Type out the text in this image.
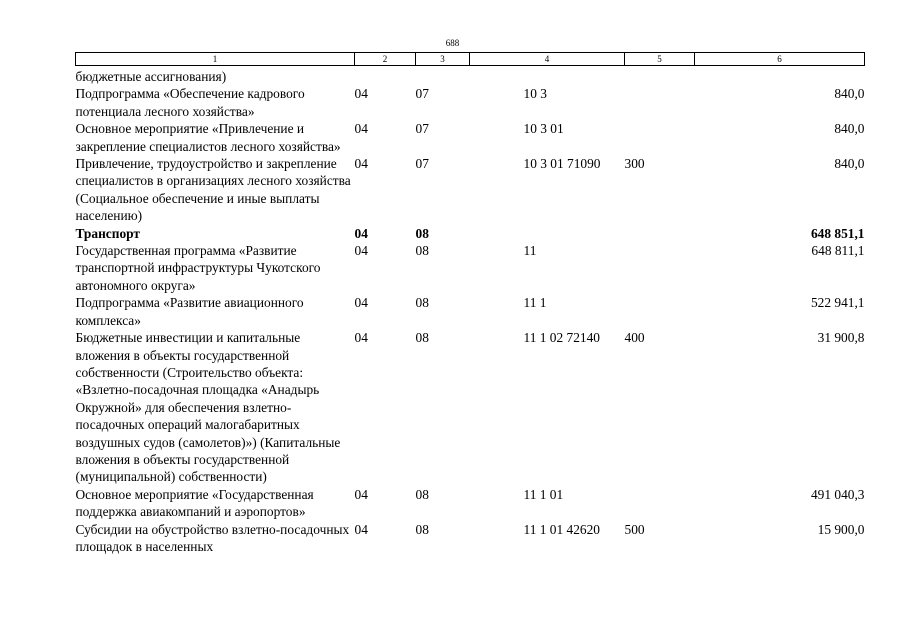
688
1	2	3	4	5	6
бюджетные ассигнования)					
Подпрограмма «Обеспечение кадрового потенциала лесного хозяйства»	04	07	10 3		840,0
Основное мероприятие «Привлечение и закрепление специалистов лесного хозяйства»	04	07	10 3 01		840,0
Привлечение, трудоустройство и закрепление специалистов в организациях лесного хозяйства (Социальное обеспечение и иные выплаты населению)	04	07	10 3 01 71090	300	840,0
Транспорт	04	08			648 851,1
Государственная программа «Развитие транспортной инфраструктуры Чукотского автономного округа»	04	08	11		648 811,1
Подпрограмма «Развитие авиационного комплекса»	04	08	11 1		522 941,1
Бюджетные инвестиции и капитальные вложения в объекты государственной собственности (Строительство объекта: «Взлетно-посадочная площадка «Анадырь Окружной» для обеспечения взлетно-посадочных операций малогабаритных воздушных судов (самолетов)») (Капитальные вложения в объекты государственной (муниципальной) собственности)	04	08	11 1 02 72140	400	31 900,8
Основное мероприятие «Государственная поддержка авиакомпаний и аэропортов»	04	08	11 1 01		491 040,3
Субсидии на обустройство взлетно-посадочных площадок в населенных	04	08	11 1 01 42620	500	15 900,0
